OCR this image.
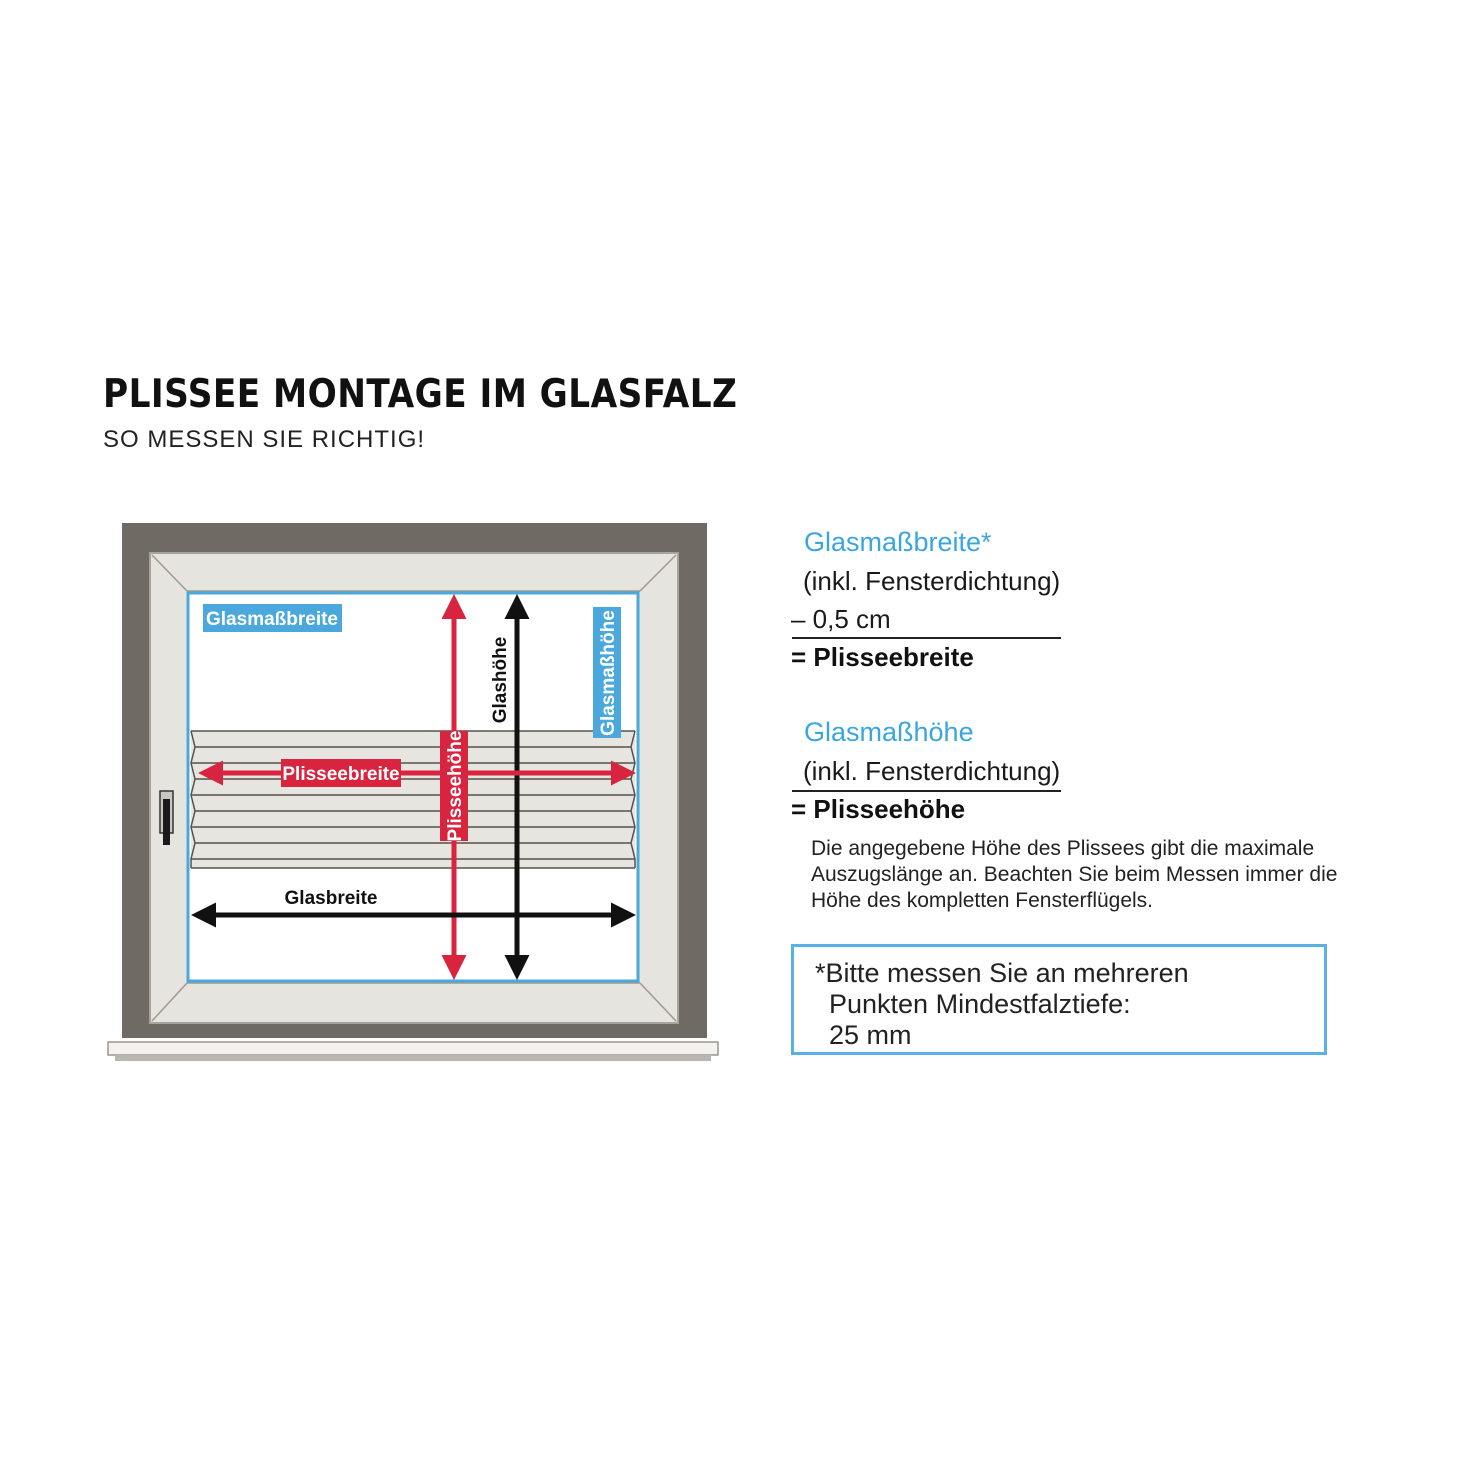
PLISSEE MONTAGE IM GLASFALZ
SO MESSEN SIE RICHTIG!
Glasmaßbreite
Plisseebreite Plisseehöhe
Glasmaßhöhe
Glashöhe
Glasbreite
Glasmaßbreite*
(inkl. Fensterdichtung)
– 0,5 cm
= Plisseebreite
Glasmaßhöhe
(inkl. Fensterdichtung)
= Plisseehöhe
Die angegebene Höhe des Plissees gibt die maximale
Auszugslänge an. Beachten Sie beim Messen immer die
Höhe des kompletten Fensterflügels.
*Bitte messen Sie an mehreren
Punkten Mindestfalztiefe:
25 mm
